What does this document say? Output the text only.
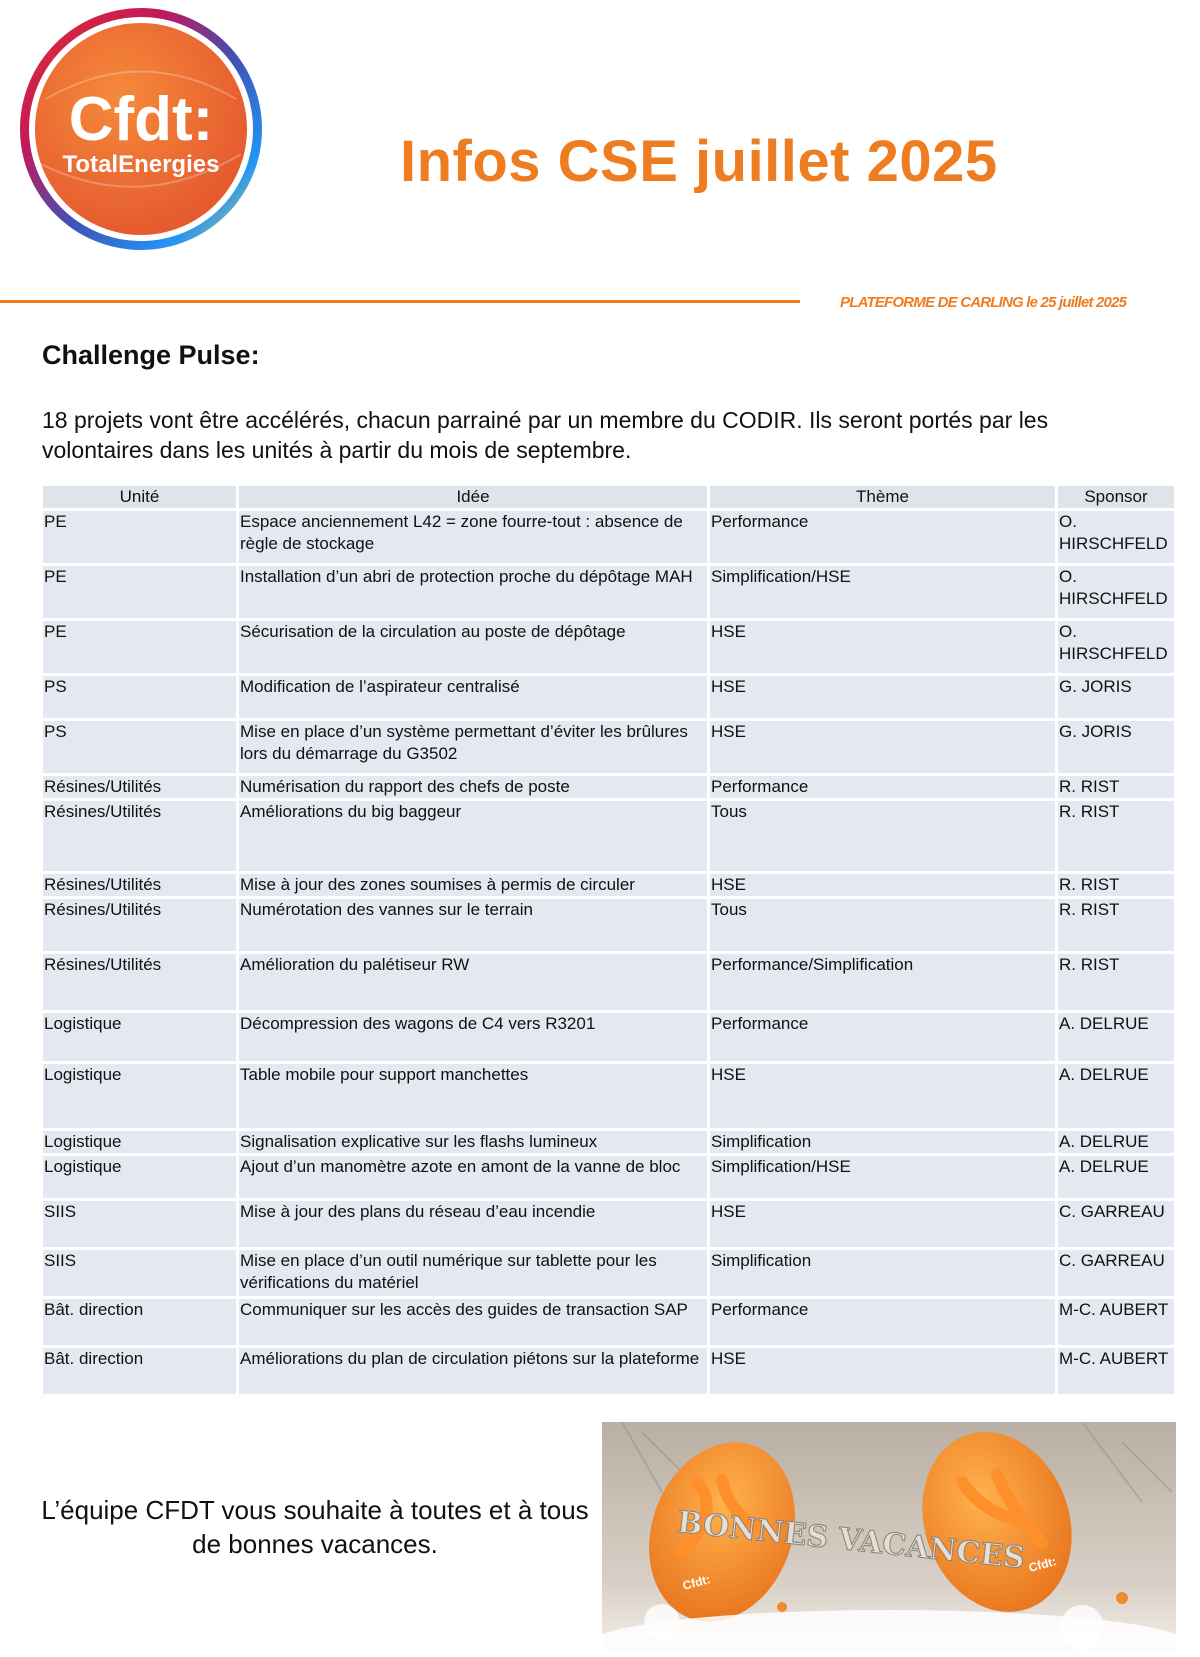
Cfdt:
TotalEnergies	Infos CSE juillet 2025
PLATEFORME DE CARLING le 25 juillet 2025
Challenge Pulse:

18 projets vont être accélérés, chacun parrainé par un membre du CODIR. Ils seront portés par les volontaires dans les unités à partir du mois de septembre.

Unité	Idée	Thème	Sponsor
PE	Espace anciennement L42 = zone fourre-tout : absence de règle de stockage	Performance	O. HIRSCHFELD
PE	Installation d’un abri de protection proche du dépôtage MAH	Simplification/HSE	O. HIRSCHFELD
PE	Sécurisation de la circulation au poste de dépôtage	HSE	O. HIRSCHFELD
PS	Modification de l’aspirateur centralisé	HSE	G. JORIS
PS	Mise en place d’un système permettant d’éviter les brûlures lors du démarrage du G3502	HSE	G. JORIS
Résines/Utilités	Numérisation du rapport des chefs de poste	Performance	R. RIST
Résines/Utilités	Améliorations du big baggeur	Tous	R. RIST
Résines/Utilités	Mise à jour des zones soumises à permis de circuler	HSE	R. RIST
Résines/Utilités	Numérotation des vannes sur le terrain	Tous	R. RIST
Résines/Utilités	Amélioration du palétiseur RW	Performance/Simplification	R. RIST
Logistique	Décompression des wagons de C4 vers R3201	Performance	A. DELRUE
Logistique	Table mobile pour support manchettes	HSE	A. DELRUE
Logistique	Signalisation explicative sur les flashs lumineux	Simplification	A. DELRUE
Logistique	Ajout d’un manomètre azote en amont de la vanne de bloc	Simplification/HSE	A. DELRUE
SIIS	Mise à jour des plans du réseau d’eau incendie	HSE	C. GARREAU
SIIS	Mise en place d’un outil numérique sur tablette pour les vérifications du matériel	Simplification	C. GARREAU
Bât. direction	Communiquer sur les accès des guides de transaction SAP	Performance	M-C. AUBERT
Bât. direction	Améliorations du plan de circulation piétons sur la plateforme	HSE	M-C. AUBERT

L’équipe CFDT vous souhaite à toutes et à tous de bonnes vacances.

Cfdt:
Cfdt:
BONNES VACANCES
